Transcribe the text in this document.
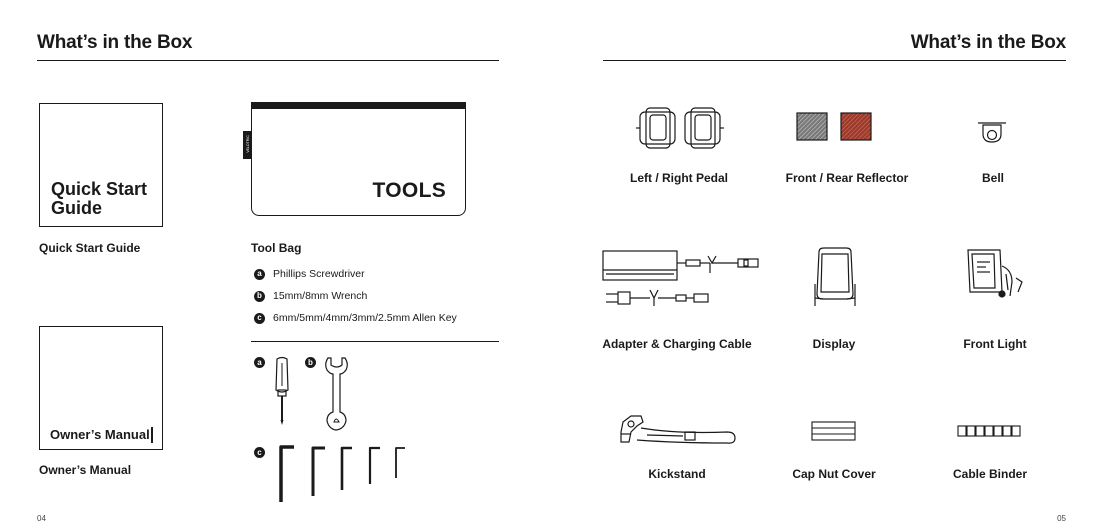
What’s in the Box
Quick Start
Guide
Quick Start Guide
Owner’s Manual
Owner’s Manual
VELOTRIC
TOOLS
Tool Bag
a	Phillips Screwdriver
b 15mm/8mm Wrench
c	6mm/5mm/4mm/3mm/2.5mm Allen Key
a	b
c
04
What’s in the Box
Left / Right Pedal	Front / Rear Reflector	Bell
Adapter & Charging Cable	Display	Front Light
Kickstand	Cap Nut Cover	Cable Binder
05
